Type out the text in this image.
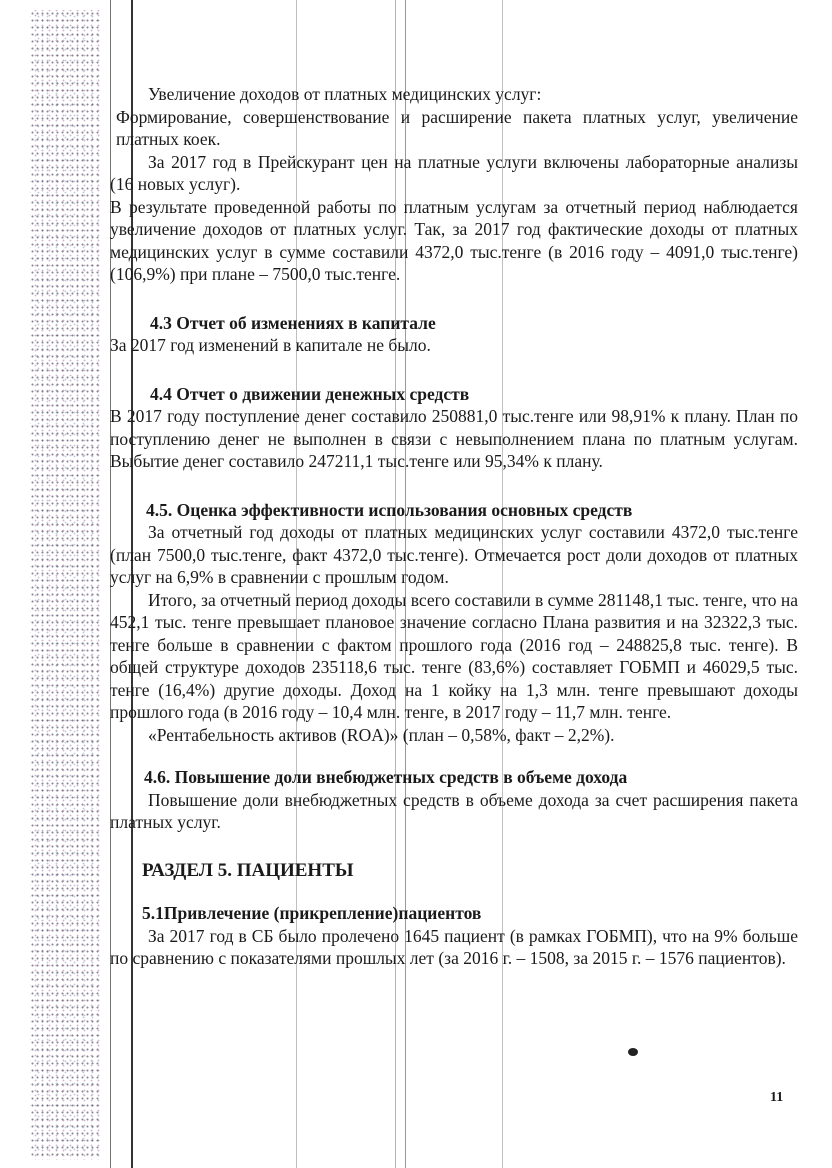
Увеличение доходов от платных медицинских услуг:

Формирование, совершенствование и расширение пакета платных услуг, увеличение платных коек.

За 2017 год в Прейскурант цен на платные услуги включены лабораторные анализы (16 новых услуг).

В результате проведенной работы по платным услугам за отчетный период наблюдается увеличение доходов от платных услуг. Так, за 2017 год фактические доходы от платных медицинских услуг в сумме составили 4372,0 тыс.тенге (в 2016 году – 4091,0 тыс.тенге) (106,9%) при плане – 7500,0 тыс.тенге.

4.3 Отчет об изменениях в капитале

За 2017 год изменений в капитале не было.

4.4 Отчет о движении денежных средств

В 2017 году поступление денег составило 250881,0 тыс.тенге или 98,91% к плану. План по поступлению денег не выполнен в связи с невыполнением плана по платным услугам. Выбытие денег составило 247211,1 тыс.тенге или 95,34% к плану.

4.5. Оценка эффективности использования основных средств

За отчетный год доходы от платных медицинских услуг составили 4372,0 тыс.тенге (план 7500,0 тыс.тенге, факт 4372,0 тыс.тенге). Отмечается рост доли доходов от платных услуг на 6,9% в сравнении с прошлым годом.

Итого, за отчетный период доходы всего составили в сумме 281148,1 тыс. тенге, что на 452,1 тыс. тенге превышает плановое значение согласно Плана развития и на 32322,3 тыс. тенге больше в сравнении с фактом прошлого года (2016 год – 248825,8 тыс. тенге). В общей структуре доходов 235118,6 тыс. тенге (83,6%) составляет ГОБМП и 46029,5 тыс. тенге (16,4%) другие доходы. Доход на 1 койку на 1,3 млн. тенге превышают доходы прошлого года (в 2016 году – 10,4 млн. тенге, в 2017 году – 11,7 млн. тенге.

«Рентабельность активов (ROA)» (план – 0,58%, факт – 2,2%).

4.6. Повышение доли внебюджетных средств в объеме дохода

Повышение доли внебюджетных средств в объеме дохода за счет расширения пакета платных услуг.

РАЗДЕЛ 5. ПАЦИЕНТЫ

5.1Привлечение (прикрепление)пациентов

За 2017 год в СБ было пролечено 1645 пациент (в рамках ГОБМП), что на 9% больше по сравнению с показателями прошлых лет (за 2016 г. – 1508, за 2015 г. – 1576 пациентов).

11
